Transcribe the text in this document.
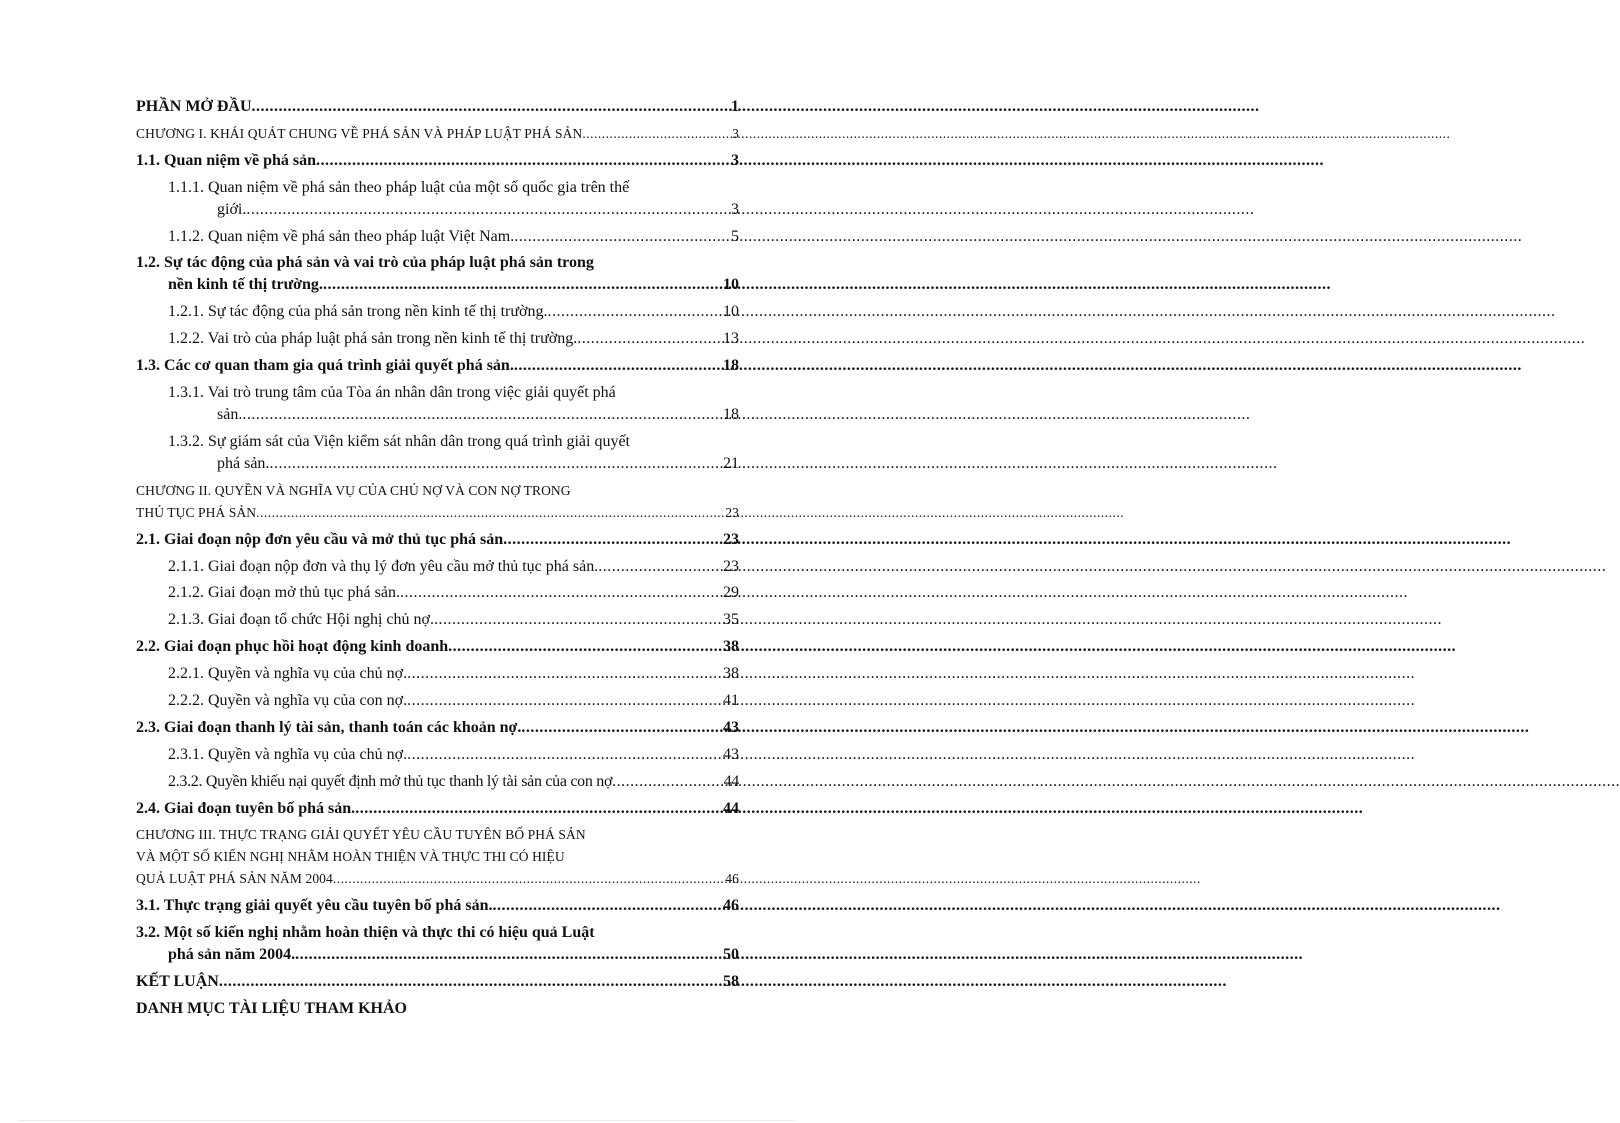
PHẦN MỞ ĐẦU .....	1
CHƯƠNG I. KHÁI QUÁT CHUNG VỀ PHÁ SẢN VÀ PHÁP LUẬT PHÁ SẢN .....	3
1.1. Quan niệm về phá sản .....	3
1.1.1. Quan niệm về phá sản theo pháp luật của một số quốc gia trên thế
giới. .....	3
1.1.2. Quan niệm về phá sản theo pháp luật Việt Nam. .....	5
1.2. Sự tác động của phá sản và vai trò của pháp luật phá sản trong
nền kinh tế thị trường. .....	10
1.2.1. Sự tác động của phá sản trong nền kinh tế thị trường. .....	10
1.2.2. Vai trò của pháp luật phá sản trong nền kinh tế thị trường. .....	13
1.3. Các cơ quan tham gia quá trình giải quyết phá sản. .....	18
1.3.1. Vai trò trung tâm của Tòa án nhân dân trong việc giải quyết phá
sản. .....	18
1.3.2. Sự giám sát của Viện kiểm sát nhân dân trong quá trình giải quyết
phá sản. .....	21
CHƯƠNG II. QUYỀN VÀ NGHĨA VỤ CỦA CHỦ NỢ VÀ CON NỢ TRONG
THỦ TỤC PHÁ SẢN .....	23
2.1. Giai đoạn nộp đơn yêu cầu và mở thủ tục phá sản .....	23
2.1.1. Giai đoạn nộp đơn và thụ lý đơn yêu cầu mở thủ tục phá sản. .....	23
2.1.2. Giai đoạn mở thủ tục phá sản. .....	29
2.1.3. Giai đoạn tổ chức Hội nghị chủ nợ. .....	35
2.2. Giai đoạn phục hồi hoạt động kinh doanh .....	38
2.2.1. Quyền và nghĩa vụ của chủ nợ. .....	38
2.2.2. Quyền và nghĩa vụ của con nợ. .....	41
2.3. Giai đoạn thanh lý tài sản, thanh toán các khoản nợ. .....	43
2.3.1. Quyền và nghĩa vụ của chủ nợ. .....	43
2.3.2. Quyền khiếu nại quyết định mở thủ tục thanh lý tài sản của con nợ .....	44
2.4. Giai đoạn tuyên bố phá sản. .....	44
CHƯƠNG III. THỰC TRẠNG GIẢI QUYẾT YÊU CẦU TUYÊN BỐ PHÁ SẢN
VÀ MỘT SỐ KIẾN NGHỊ NHẰM HOÀN THIỆN VÀ THỰC THI CÓ HIỆU
QUẢ LUẬT PHÁ SẢN NĂM 2004 .....	46
3.1. Thực trạng giải quyết yêu cầu tuyên bố phá sản. .....	46
3.2. Một số kiến nghị nhằm hoàn thiện và thực thi có hiệu quả Luật
phá sản năm 2004. .....	50
KẾT LUẬN .....	58
DANH MỤC TÀI LIỆU THAM KHẢO
